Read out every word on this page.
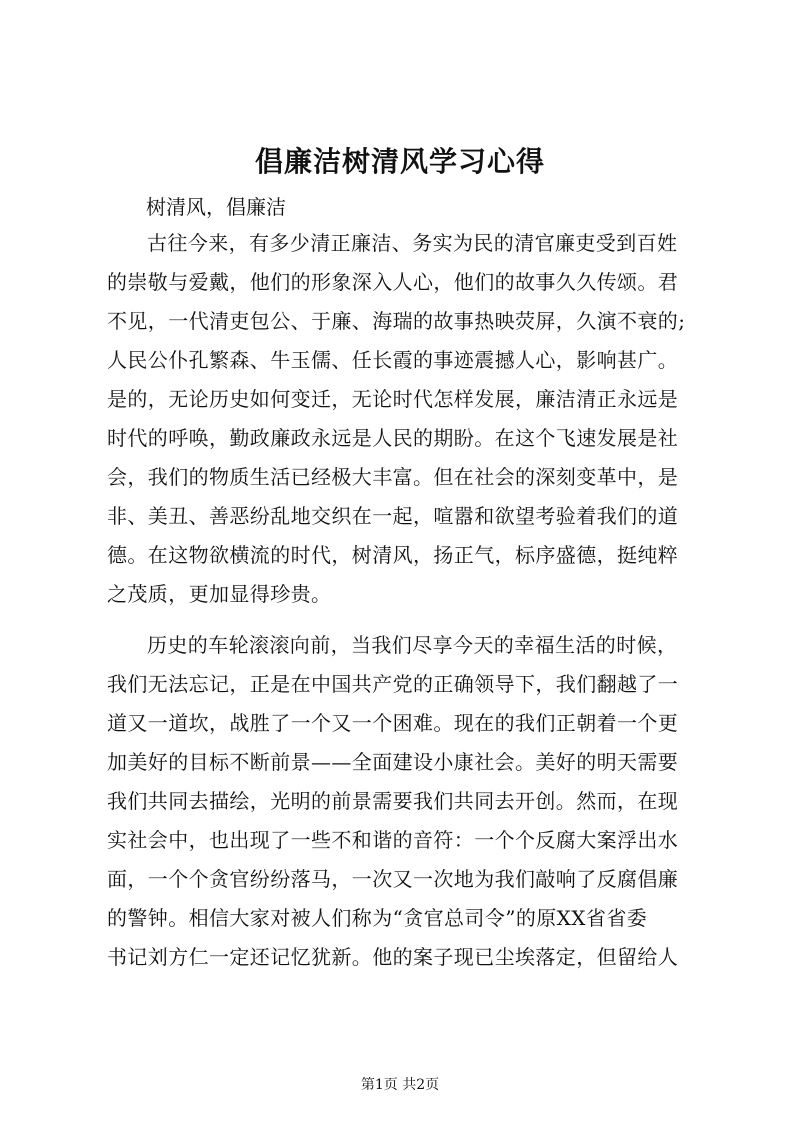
倡廉洁树清风学习心得
树清风，倡廉洁
古往今来，有多少清正廉洁、务实为民的清官廉吏受到百姓
的崇敬与爱戴，他们的形象深入人心，他们的故事久久传颂。君
不见，一代清吏包公、于廉、海瑞的故事热映荧屏，久演不衰的;
人民公仆孔繁森、牛玉儒、任长霞的事迹震撼人心，影响甚广。
是的，无论历史如何变迁，无论时代怎样发展，廉洁清正永远是
时代的呼唤，勤政廉政永远是人民的期盼。在这个飞速发展是社
会，我们的物质生活已经极大丰富。但在社会的深刻变革中，是
非、美丑、善恶纷乱地交织在一起，喧嚣和欲望考验着我们的道
德。在这物欲横流的时代，树清风，扬正气，标序盛德，挺纯粹
之茂质，更加显得珍贵。
历史的车轮滚滚向前，当我们尽享今天的幸福生活的时候，
我们无法忘记，正是在中国共产党的正确领导下，我们翻越了一
道又一道坎，战胜了一个又一个困难。现在的我们正朝着一个更
加美好的目标不断前景——全面建设小康社会。美好的明天需要
我们共同去描绘，光明的前景需要我们共同去开创。然而，在现
实社会中，也出现了一些不和谐的音符：一个个反腐大案浮出水
面，一个个贪官纷纷落马，一次又一次地为我们敲响了反腐倡廉
的警钟。相信大家对被人们称为“贪官总司令”的原XX省省委
书记刘方仁一定还记忆犹新。他的案子现已尘埃落定，但留给人
第1页 共2页
